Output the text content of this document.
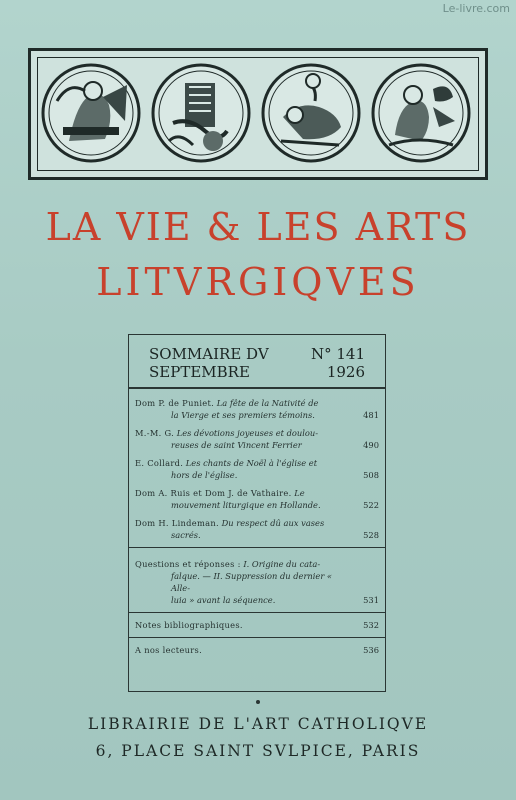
Le-livre.com
LA VIE & LES ARTS
LITVRGIQVES
SOMMAIRE DV	N° 141
SEPTEMBRE	1926
Dom P. de Puniet. La fête de la Nativité de
la Vierge et ses premiers témoins.	481
M.-M. G. Les dévotions joyeuses et doulou-
reuses de saint Vincent Ferrier	490
E. Collard. Les chants de Noël à l'église et
hors de l'église.	508
Dom A. Ruis et Dom J. de Vathaire. Le
mouvement liturgique en Hollande.	522
Dom H. Lindeman. Du respect dû aux vases
sacrés.	528
Questions et réponses : I. Origine du cata-
falque. — II. Suppression du dernier « Alle-
luia » avant la séquence.	531
Notes bibliographiques.	532
A nos lecteurs.	536
LIBRAIRIE DE L'ART CATHOLIQVE
6, PLACE SAINT SVLPICE, PARIS
